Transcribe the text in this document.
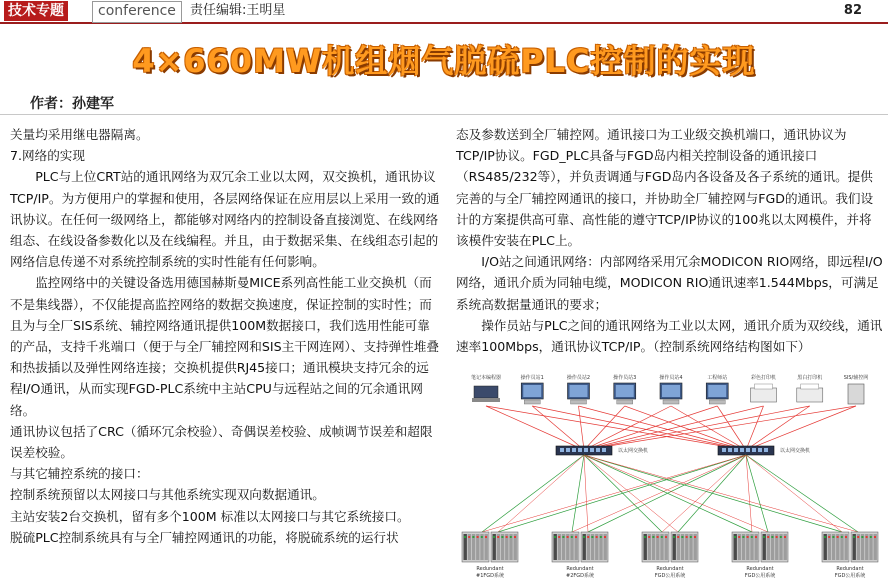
技术专题	conference	责任编辑:王明星	82
4×660MW机组烟气脱硫PLC控制的实现
作者：孙建军

关量均采用继电器隔离。

7.网络的实现

PLC与上位CRT站的通讯网络为双冗余工业以太网，双交换机，通讯协议TCP/IP。为方便用户的掌握和使用，各层网络保证在应用层以上采用一致的通讯协议。在任何一级网络上，都能够对网络内的控制设备直接浏览、在线网络组态、在线设备参数化以及在线编程。并且，由于数据采集、在线组态引起的网络信息传递不对系统控制系统的实时性能有任何影响。

监控网络中的关键设备选用德国赫斯曼MICE系列高性能工业交换机（而不是集线器），不仅能提高监控网络的数据交换速度，保证控制的实时性；而且为与全厂SIS系统、辅控网络通讯提供100M数据接口，我们选用性能可靠的产品，支持千兆端口（便于与全厂辅控网和SIS主干网连网）、支持弹性堆叠和热拔插以及弹性网络连接；交换机提供RJ45接口；通讯模块支持冗余的远程I/O通讯，从而实现FGD-PLC系统中主站CPU与远程站之间的冗余通讯网络。

通讯协议包括了CRC（循环冗余校验）、奇偶误差校验、成帧调节误差和超限误差校验。

与其它辅控系统的接口：

控制系统预留以太网接口与其他系统实现双向数据通讯。

主站安装2台交换机，留有多个100M 标准以太网接口与其它系统接口。

脱硫PLC控制系统具有与全厂辅控网通讯的功能，将脱硫系统的运行状

态及参数送到全厂辅控网。通讯接口为工业级交换机端口，通讯协议为TCP/IP协议。FGD_PLC具备与FGD岛内相关控制设备的通讯接口（RS485/232等），并负责调通与FGD岛内各设备及各子系统的通讯。提供完善的与全厂辅控网通讯的接口，并协助全厂辅控网与FGD的通讯。我们设计的方案提供高可靠、高性能的遵守TCP/IP协议的100兆以太网模件，并将该模件安装在PLC上。

I/O站之间通讯网络：内部网络采用冗余MODICON RIO网络，即远程I/O网络，通讯介质为同轴电缆，MODICON RIO通讯速率1.544Mbps，可满足系统高数据量通讯的要求；

操作员站与PLC之间的通讯网络为工业以太网，通讯介质为双绞线，通讯速率100Mbps，通讯协议TCP/IP。（控制系统网络结构图如下）

笔记本编程器	操作员站1	操作员站2	操作员站3	操作员站4	工程师站	彩色打印机	黑白打印机	SIS/辅控网
以太网交换机	以太网交换机
Redundant
#1FGD系统
Redundant
#2FGD系统
Redundant
FGD公用系统
Redundant
FGD公用系统
Redundant
FGD公用系统
